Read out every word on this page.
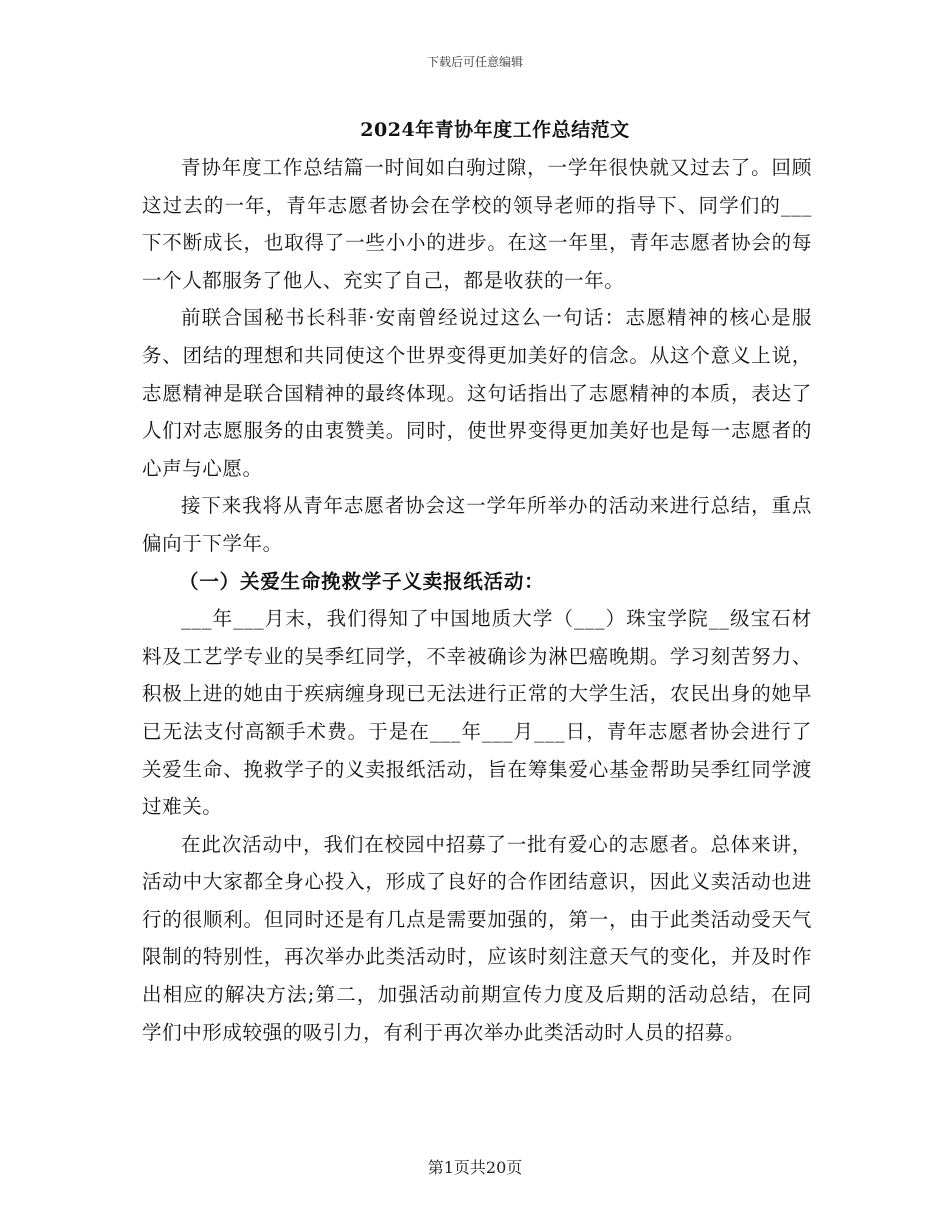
下载后可任意编辑
2024年青协年度工作总结范文

青协年度工作总结篇一时间如白驹过隙，一学年很快就又过去了。回顾这过去的一年，青年志愿者协会在学校的领导老师的指导下、同学们的___下不断成长，也取得了一些小小的进步。在这一年里，青年志愿者协会的每一个人都服务了他人、充实了自己，都是收获的一年。

前联合国秘书长科菲·安南曾经说过这么一句话：志愿精神的核心是服务、团结的理想和共同使这个世界变得更加美好的信念。从这个意义上说，志愿精神是联合国精神的最终体现。这句话指出了志愿精神的本质，表达了人们对志愿服务的由衷赞美。同时，使世界变得更加美好也是每一志愿者的心声与心愿。

接下来我将从青年志愿者协会这一学年所举办的活动来进行总结，重点偏向于下学年。

（一）关爱生命挽救学子义卖报纸活动：

___年___月末，我们得知了中国地质大学（___）珠宝学院__级宝石材料及工艺学专业的吴季红同学，不幸被确诊为淋巴癌晚期。学习刻苦努力、积极上进的她由于疾病缠身现已无法进行正常的大学生活，农民出身的她早已无法支付高额手术费。于是在___年___月___日，青年志愿者协会进行了关爱生命、挽救学子的义卖报纸活动，旨在筹集爱心基金帮助吴季红同学渡过难关。

在此次活动中，我们在校园中招募了一批有爱心的志愿者。总体来讲，活动中大家都全身心投入，形成了良好的合作团结意识，因此义卖活动也进行的很顺利。但同时还是有几点是需要加强的，第一，由于此类活动受天气限制的特别性，再次举办此类活动时，应该时刻注意天气的变化，并及时作出相应的解决方法;第二，加强活动前期宣传力度及后期的活动总结，在同学们中形成较强的吸引力，有利于再次举办此类活动时人员的招募。

第1页共20页
